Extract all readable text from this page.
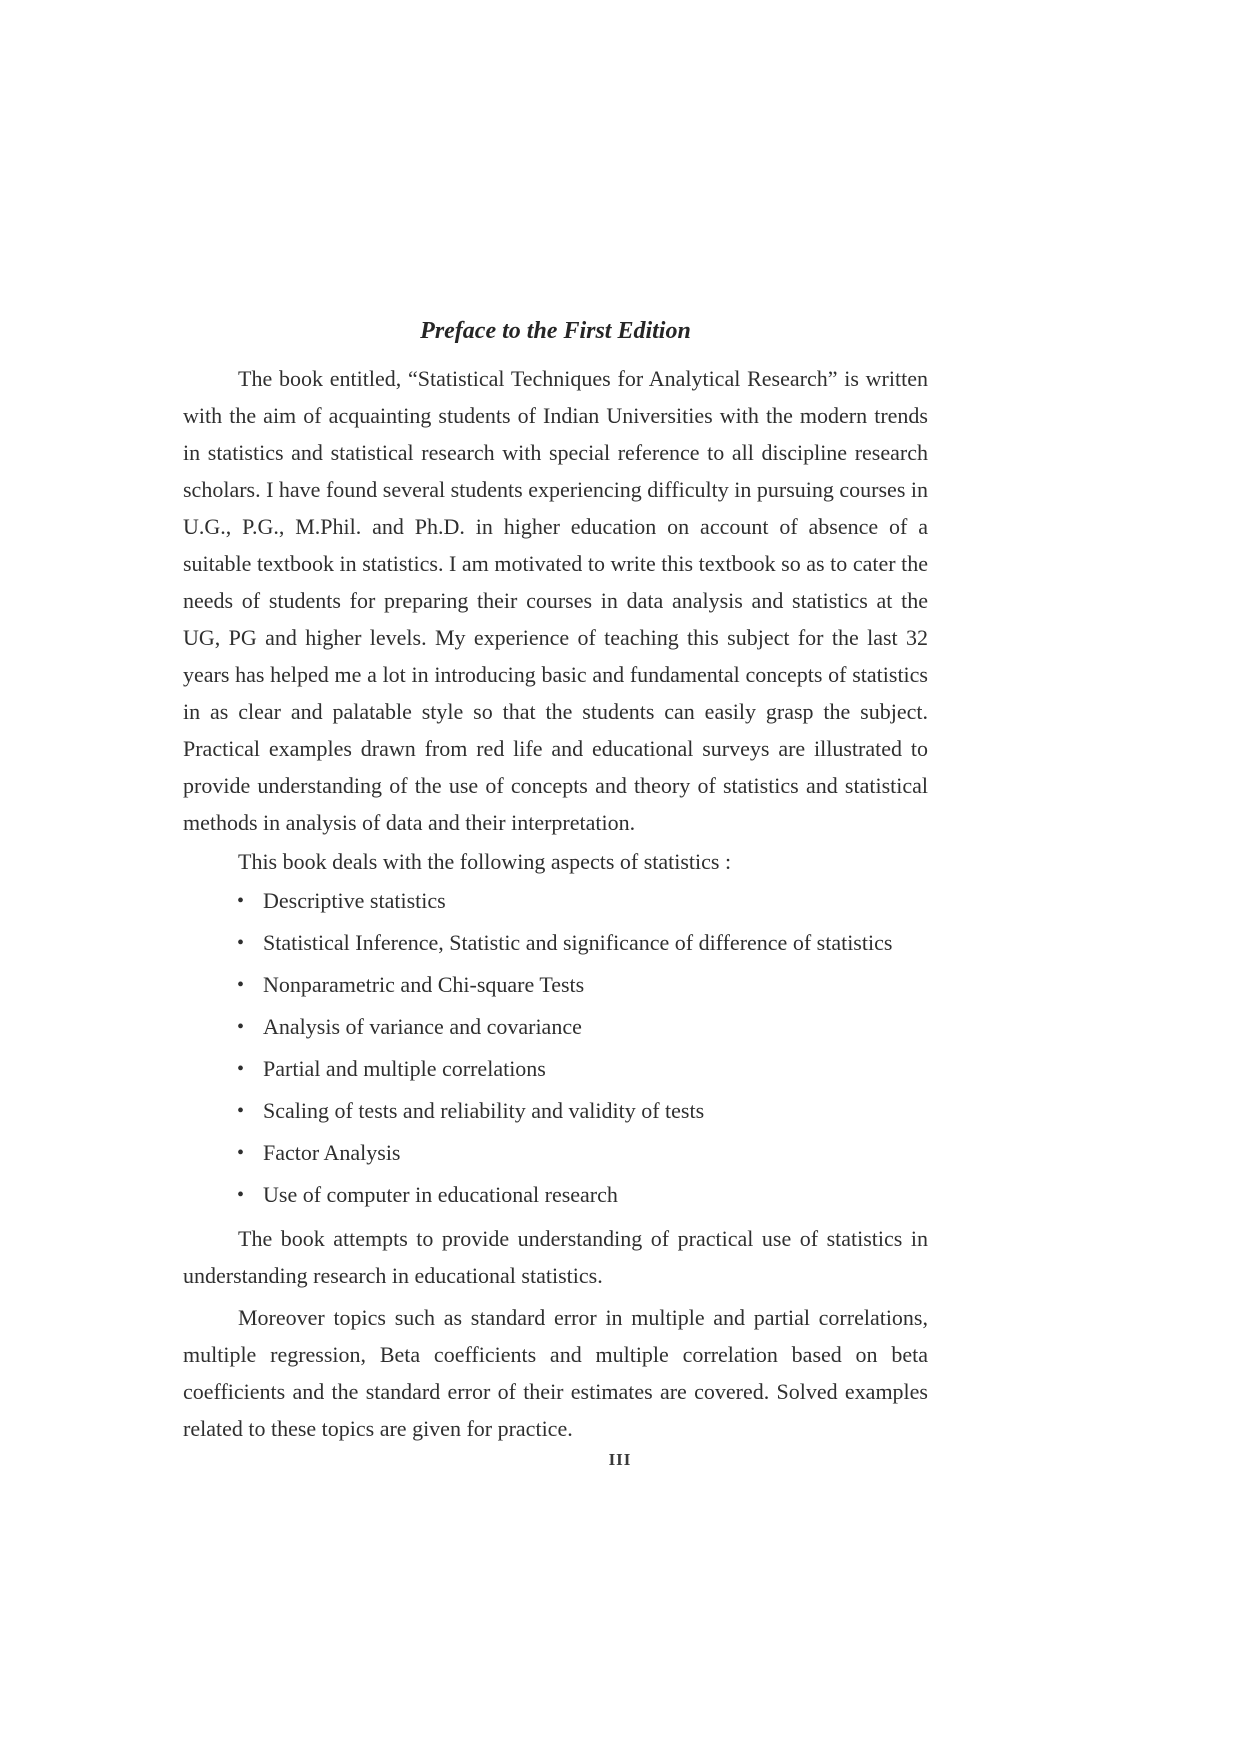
Preface to the First Edition

The book entitled, “Statistical Techniques for Analytical Research” is written with the aim of acquainting students of Indian Universities with the modern trends in statistics and statistical research with special reference to all discipline research scholars. I have found several students experiencing difficulty in pursuing courses in U.G., P.G., M.Phil. and Ph.D. in higher education on account of absence of a suitable textbook in statistics. I am motivated to write this textbook so as to cater the needs of students for preparing their courses in data analysis and statistics at the UG, PG and higher levels. My experience of teaching this subject for the last 32 years has helped me a lot in introducing basic and fundamental concepts of statistics in as clear and palatable style so that the students can easily grasp the subject. Practical examples drawn from red life and educational surveys are illustrated to provide understanding of the use of concepts and theory of statistics and statistical methods in analysis of data and their interpretation.

This book deals with the following aspects of statistics :

• Descriptive statistics
• Statistical Inference, Statistic and significance of difference of statistics
• Nonparametric and Chi-square Tests
• Analysis of variance and covariance
• Partial and multiple correlations
• Scaling of tests and reliability and validity of tests
• Factor Analysis
• Use of computer in educational research

The book attempts to provide understanding of practical use of statistics in understanding research in educational statistics.

Moreover topics such as standard error in multiple and partial correlations, multiple regression, Beta coefficients and multiple correlation based on beta coefficients and the standard error of their estimates are covered. Solved examples related to these topics are given for practice.

III
